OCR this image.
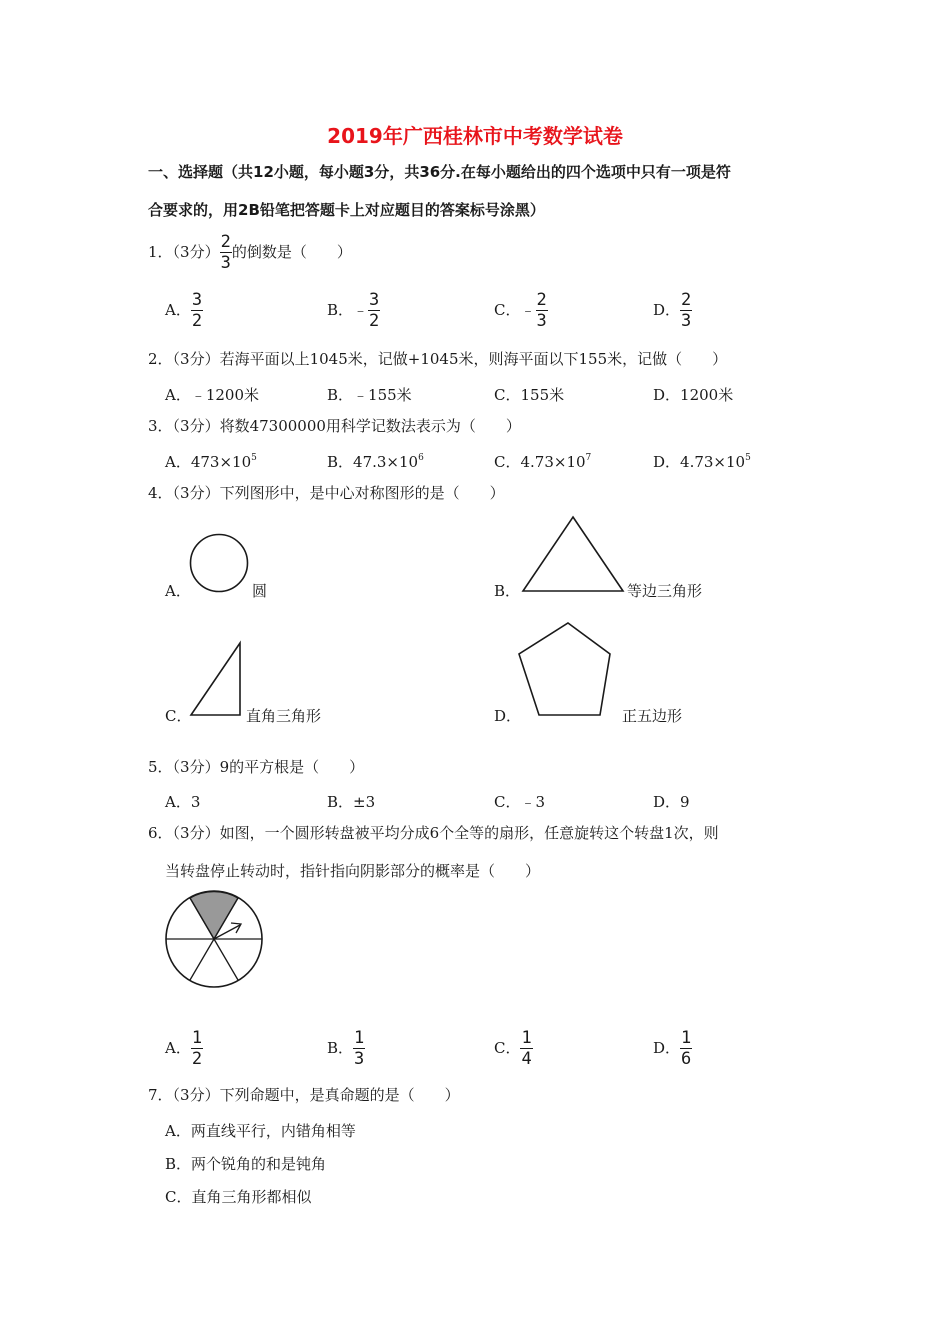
2019年广西桂林市中考数学试卷
一、选择题（共12小题，每小题3分，共36分.在每小题给出的四个选项中只有一项是符
合要求的，用2B铅笔把答题卡上对应题目的答案标号涂黑）
1．（3分） $\frac{2}{3}$ 的倒数是（　　）
A． $\frac{3}{2}$	B．﹣ $\frac{3}{2}$	C．﹣ $\frac{2}{3}$	D． $\frac{2}{3}$
2．（3分）若海平面以上1045米，记做+1045米，则海平面以下155米，记做（　　）
A．﹣1200米	B．﹣155米	C．155米	D．1200米
3．（3分）将数47300000用科学记数法表示为（　　）
A．$473\times 10^5$	B．$47.3\times 10^6$	C．$4.73\times 10^7$	D．$4.73\times 10^5$
4．（3分）下列图形中，是中心对称图形的是（　　）
A．	圆	B．	等边三角形
C．	直角三角形	D．	正五边形
5．（3分）9的平方根是（　　）
A．3	B．±3	C．﹣3	D．9
6．（3分）如图，一个圆形转盘被平均分成6个全等的扇形，任意旋转这个转盘1次，则
当转盘停止转动时，指针指向阴影部分的概率是（　　）
A． $\frac{1}{2}$	B． $\frac{1}{3}$	C． $\frac{1}{4}$	D． $\frac{1}{6}$
7．（3分）下列命题中，是真命题的是（　　）
A．两直线平行，内错角相等
B．两个锐角的和是钝角
C．直角三角形都相似
